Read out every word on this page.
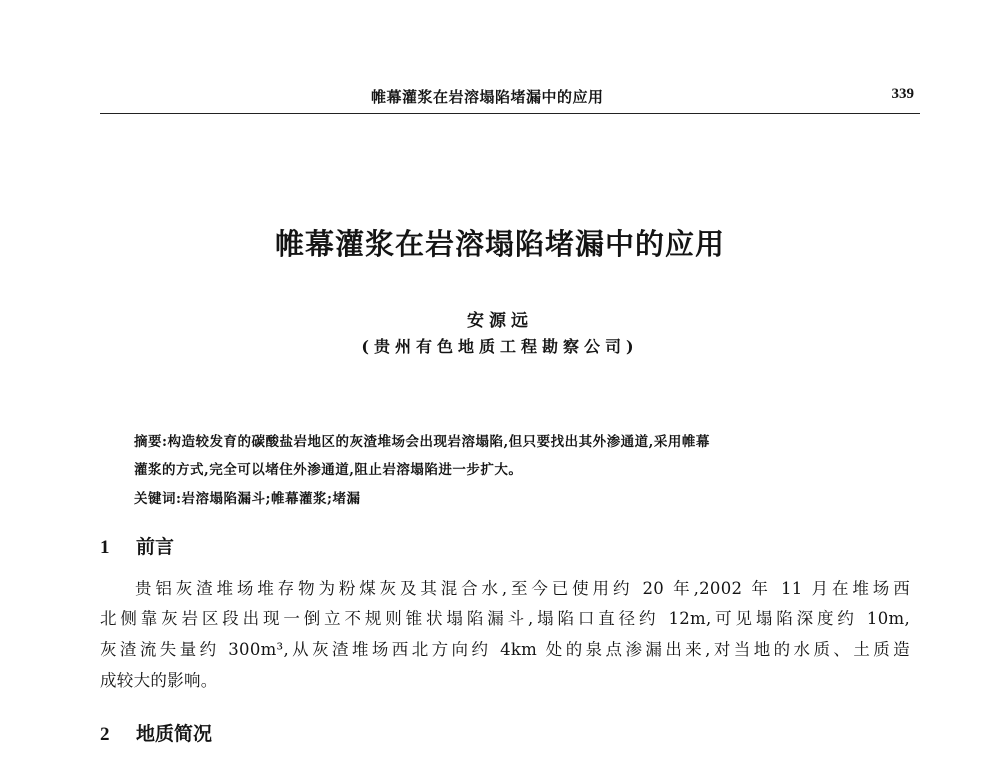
帷幕灌浆在岩溶塌陷堵漏中的应用	339
帷幕灌浆在岩溶塌陷堵漏中的应用
安源远
(贵州有色地质工程勘察公司)
摘要:构造较发育的碳酸盐岩地区的灰渣堆场会出现岩溶塌陷,但只要找出其外渗通道,采用帷幕
灌浆的方式,完全可以堵住外渗通道,阻止岩溶塌陷进一步扩大。
关键词:岩溶塌陷漏斗;帷幕灌浆;堵漏
1 前言
贵铝灰渣堆场堆存物为粉煤灰及其混合水,至今已使用约 20 年,2002 年 11 月在堆场西
北侧靠灰岩区段出现一倒立不规则锥状塌陷漏斗,塌陷口直径约 12m,可见塌陷深度约 10m,
灰渣流失量约 300m³,从灰渣堆场西北方向约 4km 处的泉点渗漏出来,对当地的水质、土质造
成较大的影响。
2 地质简况
